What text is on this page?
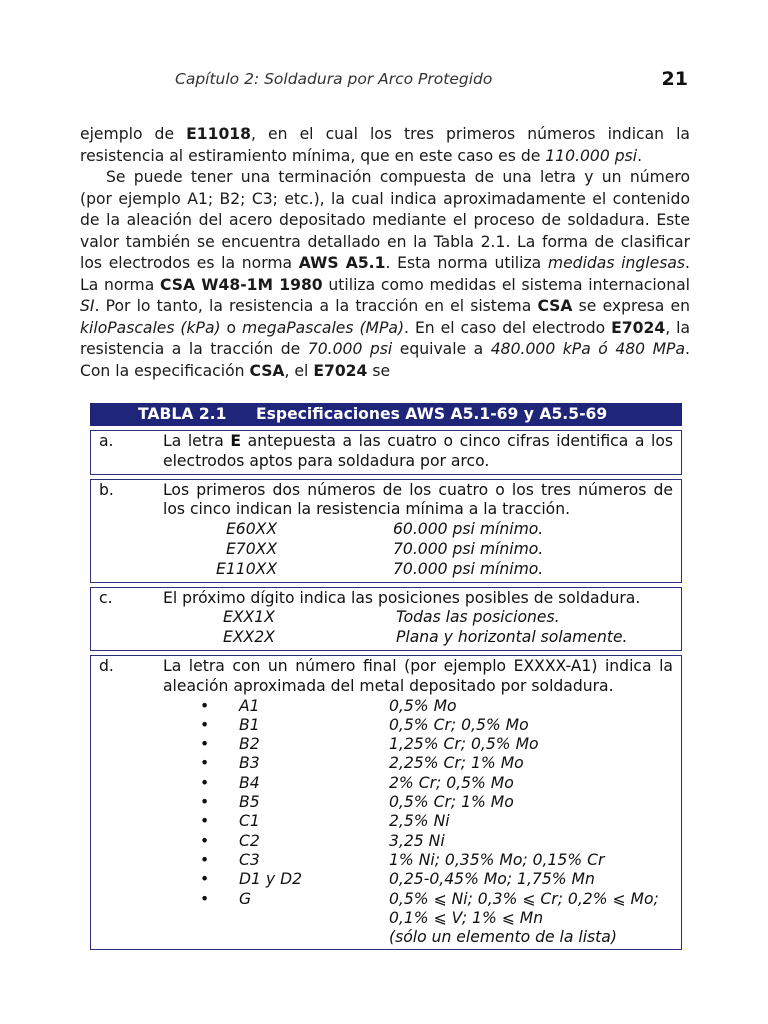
Capítulo 2: Soldadura por Arco Protegido	21

ejemplo de E11018, en el cual los tres primeros números indican la resistencia al estiramiento mínima, que en este caso es de 110.000 psi.

Se puede tener una terminación compuesta de una letra y un número (por ejemplo A1; B2; C3; etc.), la cual indica aproximadamente el contenido de la aleación del acero depositado mediante el proceso de soldadura. Este valor también se encuentra detallado en la Tabla 2.1. La forma de clasificar los electrodos es la norma AWS A5.1. Esta norma utiliza medidas inglesas. La norma CSA W48-1M 1980 utiliza como medidas el sistema internacional SI. Por lo tanto, la resistencia a la tracción en el sistema CSA se expresa en kiloPascales (kPa) o megaPascales (MPa). En el caso del electrodo E7024, la resistencia a la tracción de 70.000 psi equivale a 480.000 kPa ó 480 MPa. Con la especificación CSA, el E7024 se

TABLA 2.1 Especificaciones AWS A5.1-69 y A5.5-69
a.	La letra E antepuesta a las cuatro o cinco cifras identifica a los electrodos aptos para soldadura por arco.
b.	Los primeros dos números de los cuatro o los tres números de los cinco indican la resistencia mínima a la tracción.
E60XX	60.000 psi mínimo.
E70XX	70.000 psi mínimo.
E110XX	70.000 psi mínimo.
c.	El próximo dígito indica las posiciones posibles de soldadura.
EXX1X	Todas las posiciones.
EXX2X	Plana y horizontal solamente.
d.	La letra con un número final (por ejemplo EXXXX-A1) indica la aleación aproximada del metal depositado por soldadura.
• A1	0,5% Mo
• B1	0,5% Cr; 0,5% Mo
• B2	1,25% Cr; 0,5% Mo
• B3	2,25% Cr; 1% Mo
• B4	2% Cr; 0,5% Mo
• B5	0,5% Cr; 1% Mo
• C1	2,5% Ni
• C2	3,25 Ni
• C3	1% Ni; 0,35% Mo; 0,15% Cr
• D1 y D2	0,25-0,45% Mo; 1,75% Mn
• G	0,5% ⩽ Ni; 0,3% ⩽ Cr; 0,2% ⩽ Mo;
0,1% ⩽ V; 1% ⩽ Mn
(sólo un elemento de la lista)
